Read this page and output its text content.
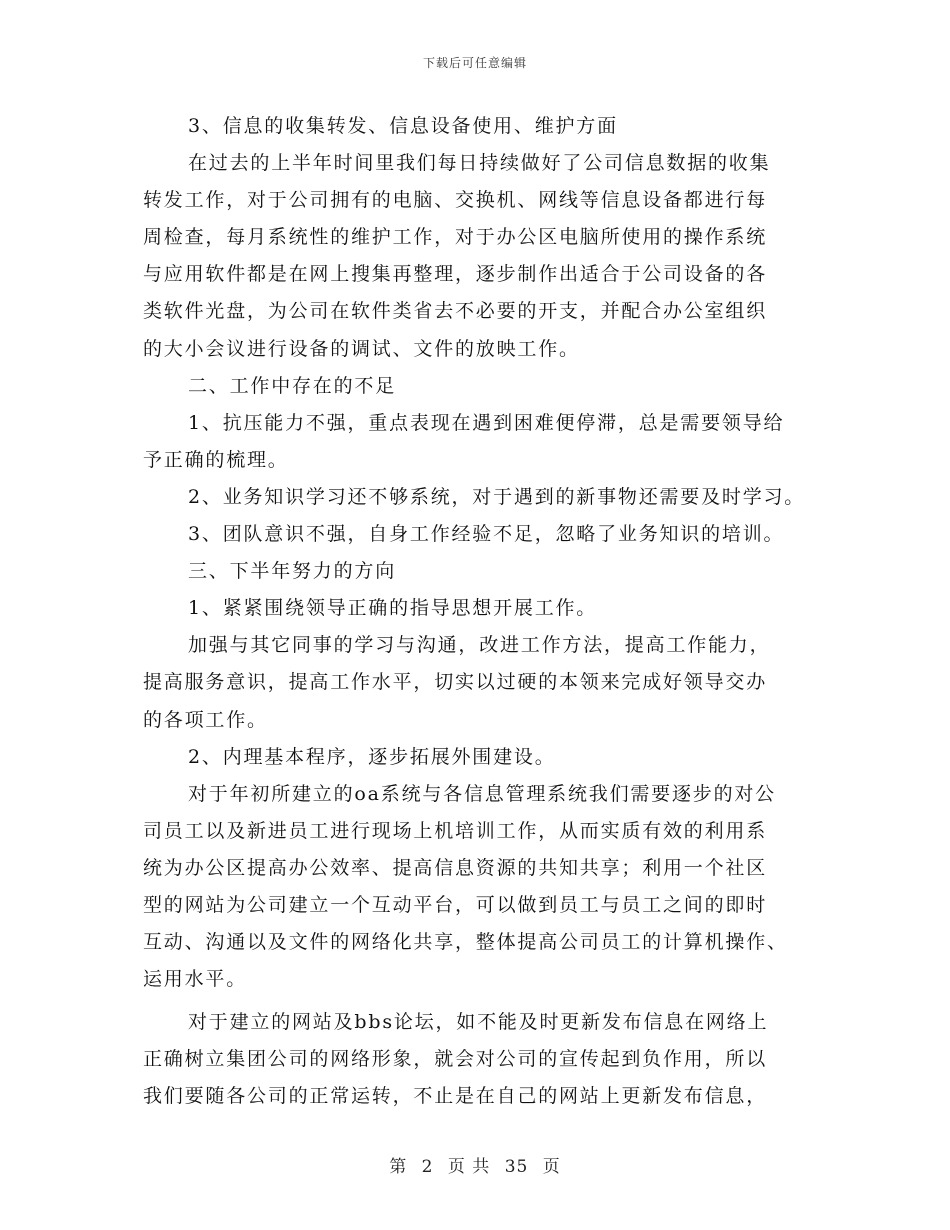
下载后可任意编辑
3、信息的收集转发、信息设备使用、维护方面
在过去的上半年时间里我们每日持续做好了公司信息数据的收集
转发工作，对于公司拥有的电脑、交换机、网线等信息设备都进行每
周检查，每月系统性的维护工作，对于办公区电脑所使用的操作系统
与应用软件都是在网上搜集再整理，逐步制作出适合于公司设备的各
类软件光盘，为公司在软件类省去不必要的开支，并配合办公室组织
的大小会议进行设备的调试、文件的放映工作。
二、工作中存在的不足
1、抗压能力不强，重点表现在遇到困难便停滞，总是需要领导给
予正确的梳理。
2、业务知识学习还不够系统，对于遇到的新事物还需要及时学习。
3、团队意识不强，自身工作经验不足，忽略了业务知识的培训。
三、下半年努力的方向
1、紧紧围绕领导正确的指导思想开展工作。
加强与其它同事的学习与沟通，改进工作方法，提高工作能力，
提高服务意识，提高工作水平，切实以过硬的本领来完成好领导交办
的各项工作。
2、内理基本程序，逐步拓展外围建设。
对于年初所建立的oa系统与各信息管理系统我们需要逐步的对公
司员工以及新进员工进行现场上机培训工作，从而实质有效的利用系
统为办公区提高办公效率、提高信息资源的共知共享；利用一个社区
型的网站为公司建立一个互动平台，可以做到员工与员工之间的即时
互动、沟通以及文件的网络化共享，整体提高公司员工的计算机操作、
运用水平。
对于建立的网站及bbs论坛，如不能及时更新发布信息在网络上
正确树立集团公司的网络形象，就会对公司的宣传起到负作用，所以
我们要随各公司的正常运转，不止是在自己的网站上更新发布信息，
第 2 页 共 35 页
